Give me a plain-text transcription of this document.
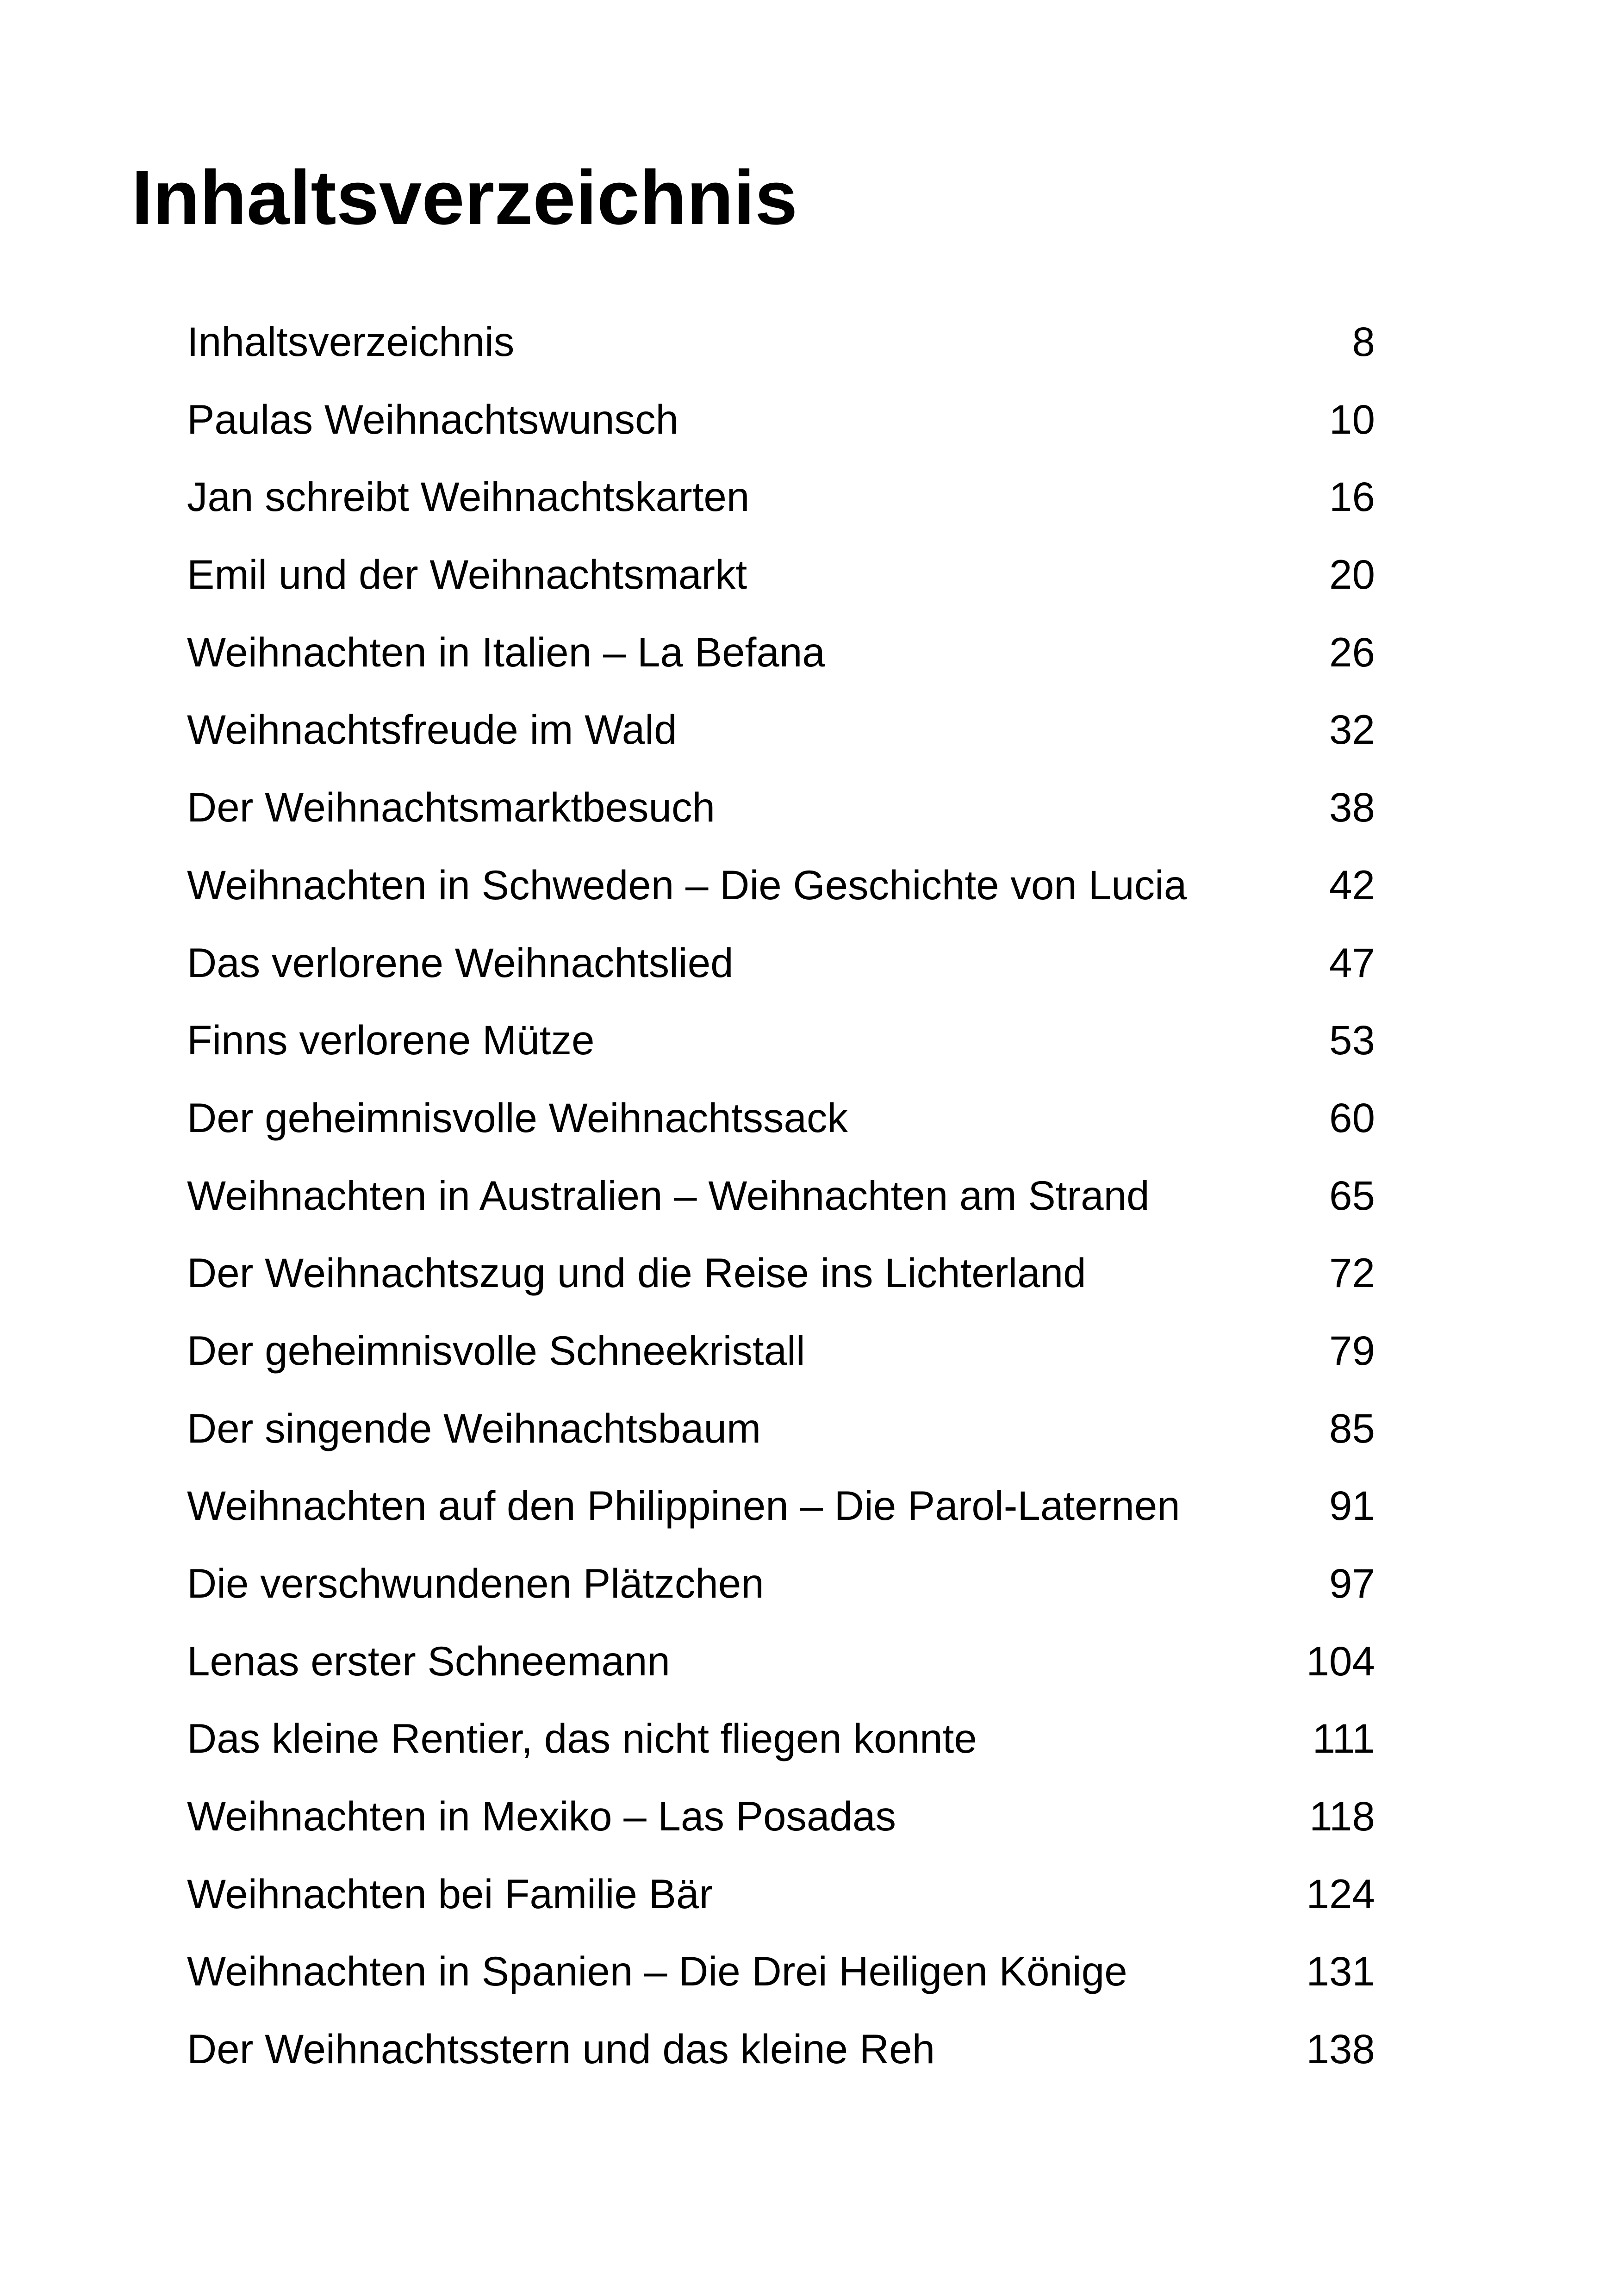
Inhaltsverzeichnis
Inhaltsverzeichnis	8
Paulas Weihnachtswunsch	10
Jan schreibt Weihnachtskarten	16
Emil und der Weihnachtsmarkt	20
Weihnachten in Italien – La Befana	26
Weihnachtsfreude im Wald	32
Der Weihnachtsmarktbesuch	38
Weihnachten in Schweden – Die Geschichte von Lucia	42
Das verlorene Weihnachtslied	47
Finns verlorene Mütze	53
Der geheimnisvolle Weihnachtssack	60
Weihnachten in Australien – Weihnachten am Strand	65
Der Weihnachtszug und die Reise ins Lichterland	72
Der geheimnisvolle Schneekristall	79
Der singende Weihnachtsbaum	85
Weihnachten auf den Philippinen – Die Parol-Laternen	91
Die verschwundenen Plätzchen	97
Lenas erster Schneemann	104
Das kleine Rentier, das nicht fliegen konnte	111
Weihnachten in Mexiko – Las Posadas	118
Weihnachten bei Familie Bär	124
Weihnachten in Spanien – Die Drei Heiligen Könige	131
Der Weihnachtsstern und das kleine Reh	138
